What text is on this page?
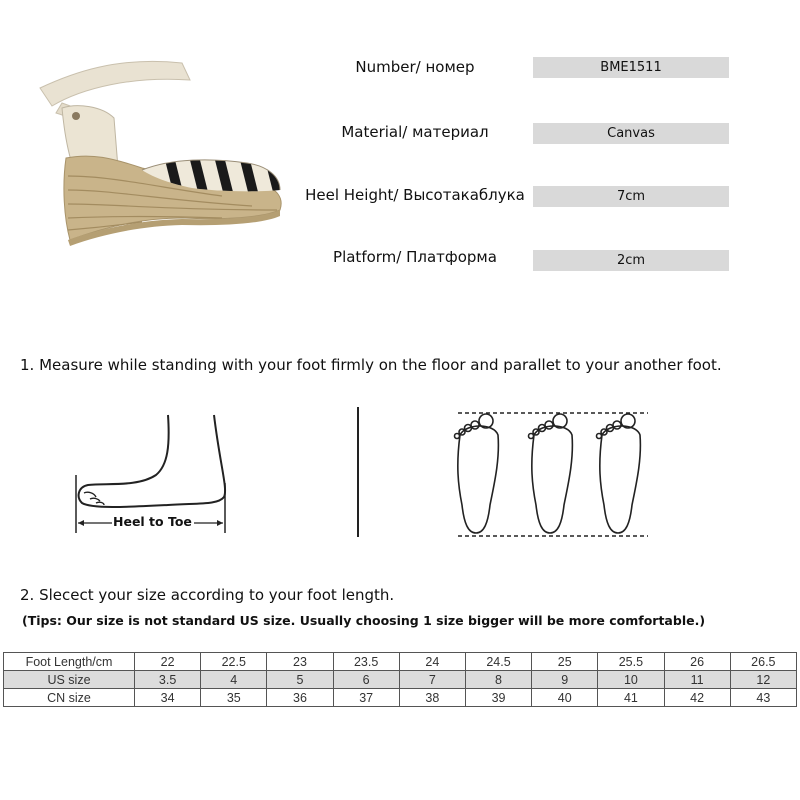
Number/ номер	BME1511
Material/ материал	Canvas
Heel Height/ Высотакаблука	7cm
Platform/ Платформа	2cm
1. Measure while standing with your foot firmly on the floor and parallet to your another foot.
Heel to Toe
2. Slecect your size according to your foot length.
(Tips: Our size is not standard US size. Usually choosing 1 size bigger will be more comfortable.)
Foot Length/cm	22	22.5	23	23.5	24	24.5	25	25.5	26	26.5
US size	3.5	4	5	6	7	8	9	10	11	12
CN size	34	35	36	37	38	39	40	41	42	43
